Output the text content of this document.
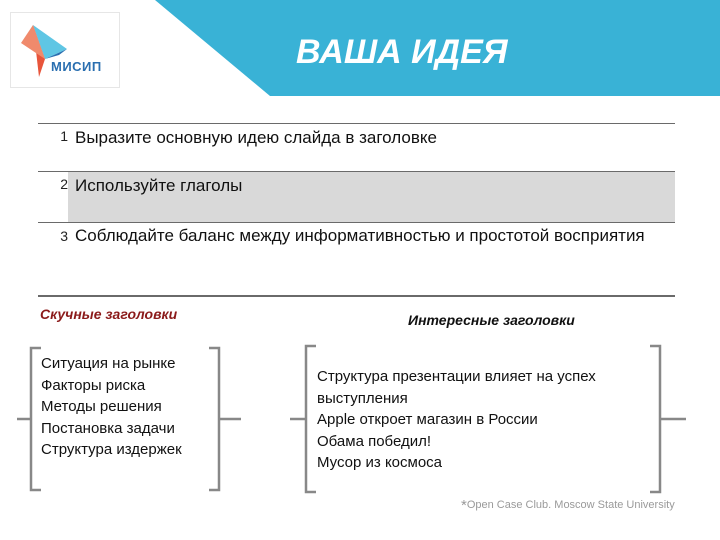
МИСИП	ВАША ИДЕЯ
1 Выразите основную идею слайда в заголовке
2 Используйте глаголы
3 Соблюдайте баланс между информативностью и простотой восприятия
Скучные заголовки
Ситуация на рынке
Факторы риска
Методы решения
Постановка задачи
Структура издержек
Интересные заголовки
Структура презентации влияет на успех
выступления
Apple откроет магазин в России
Обама победил!
Мусор из космоса
*Open Case Club. Moscow State University
